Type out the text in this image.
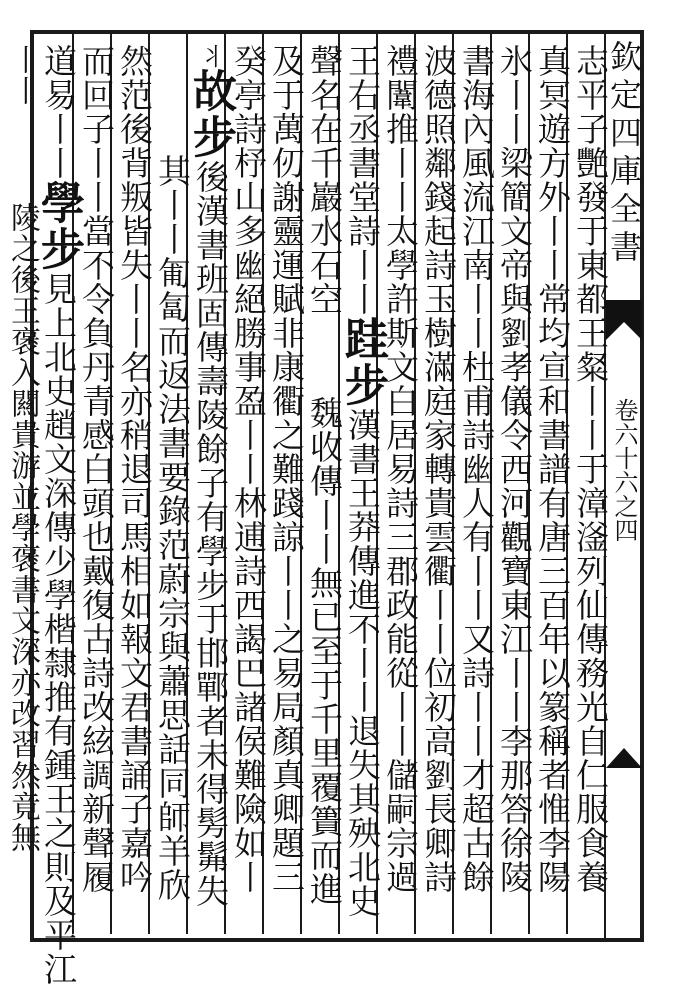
欽定四庫全書
卷六十六之四
志平子艷發于東都王粲丨丨于漳滏列仙傳務光自仁服食養
真冥遊方外丨丨常均宣和書譜有唐三百年以篆稱者惟李陽
氷丨丨梁簡文帝與劉孝儀令西河觀寶東江丨丨李那答徐陵
書海內風流江南丨丨杜甫詩幽人有丨丨又詩丨丨才超古餘
波德照鄰錢起詩玉樹滿庭家轉貴雲衢丨丨位初高劉長卿詩
禮闈推丨丨太學許斯文白居易詩三郡政能從丨丨儲嗣宗過
王右丞書堂詩丨丨跬步漢書王莽傳進不丨丨退失其殃北史
聲名在千巖水石空魏收傳丨丨無已至于千里覆簣而進
及于萬仞謝靈運賦非康衢之難踐諒丨丨之易局顏真卿題三
癸亭詩杼山多幽絕勝事盈丨丨林逋詩西謁巴諸侯難險如丨
丬故步後漢書班固傳壽陵餘子有學步于邯鄲者未得髣髴失
其丨丨匍匐而返法書要錄范蔚宗與蕭思話同師羊欣
然范後背叛皆失丨丨名亦稍退司馬相如報文君書誦子嘉吟
而回子丨丨當不令負丹青感白頭也戴復古詩改絃調新聲履
道易丨丨學步見上北史趙文深傳少學楷隸推有鍾王之則及平江
丨丨陵之後王褒入闗貴游並學褒書文深亦改習然竟無
